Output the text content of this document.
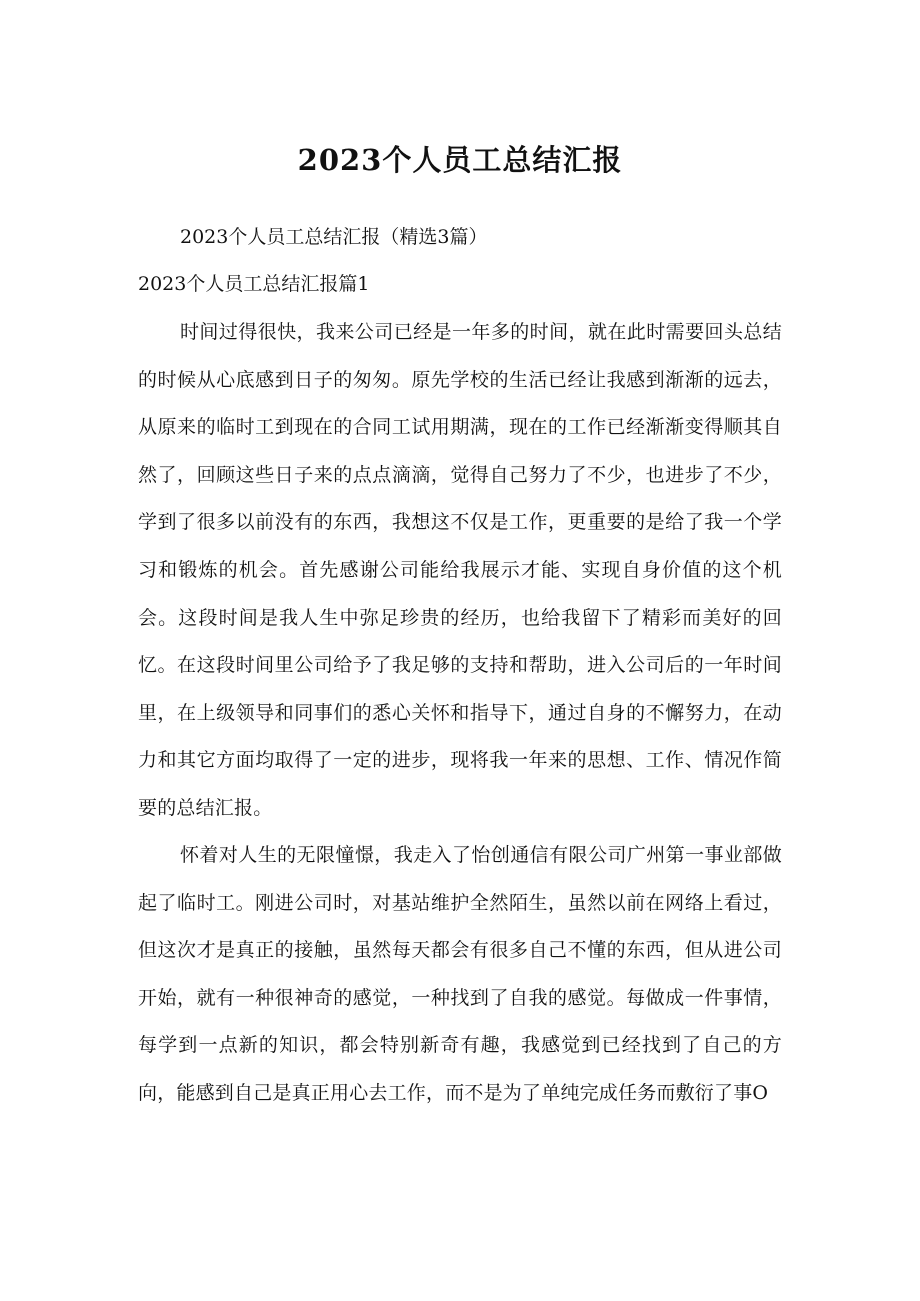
2023个人员工总结汇报

2023个人员工总结汇报（精选3篇）

2023个人员工总结汇报篇1

时间过得很快，我来公司已经是一年多的时间，就在此时需要回头总结的时候从心底感到日子的匆匆。原先学校的生活已经让我感到渐渐的远去，从原来的临时工到现在的合同工试用期满，现在的工作已经渐渐变得顺其自然了，回顾这些日子来的点点滴滴，觉得自己努力了不少，也进步了不少，学到了很多以前没有的东西，我想这不仅是工作，更重要的是给了我一个学习和锻炼的机会。首先感谢公司能给我展示才能、实现自身价值的这个机会。这段时间是我人生中弥足珍贵的经历，也给我留下了精彩而美好的回忆。在这段时间里公司给予了我足够的支持和帮助，进入公司后的一年时间里，在上级领导和同事们的悉心关怀和指导下，通过自身的不懈努力，在动力和其它方面均取得了一定的进步，现将我一年来的思想、工作、情况作简要的总结汇报。

怀着对人生的无限憧憬，我走入了怡创通信有限公司广州第一事业部做起了临时工。刚进公司时，对基站维护全然陌生，虽然以前在网络上看过，但这次才是真正的接触，虽然每天都会有很多自己不懂的东西，但从进公司开始，就有一种很神奇的感觉，一种找到了自我的感觉。每做成一件事情，每学到一点新的知识，都会特别新奇有趣，我感觉到已经找到了自己的方向，能感到自己是真正用心去工作，而不是为了单纯完成任务而敷衍了事O
